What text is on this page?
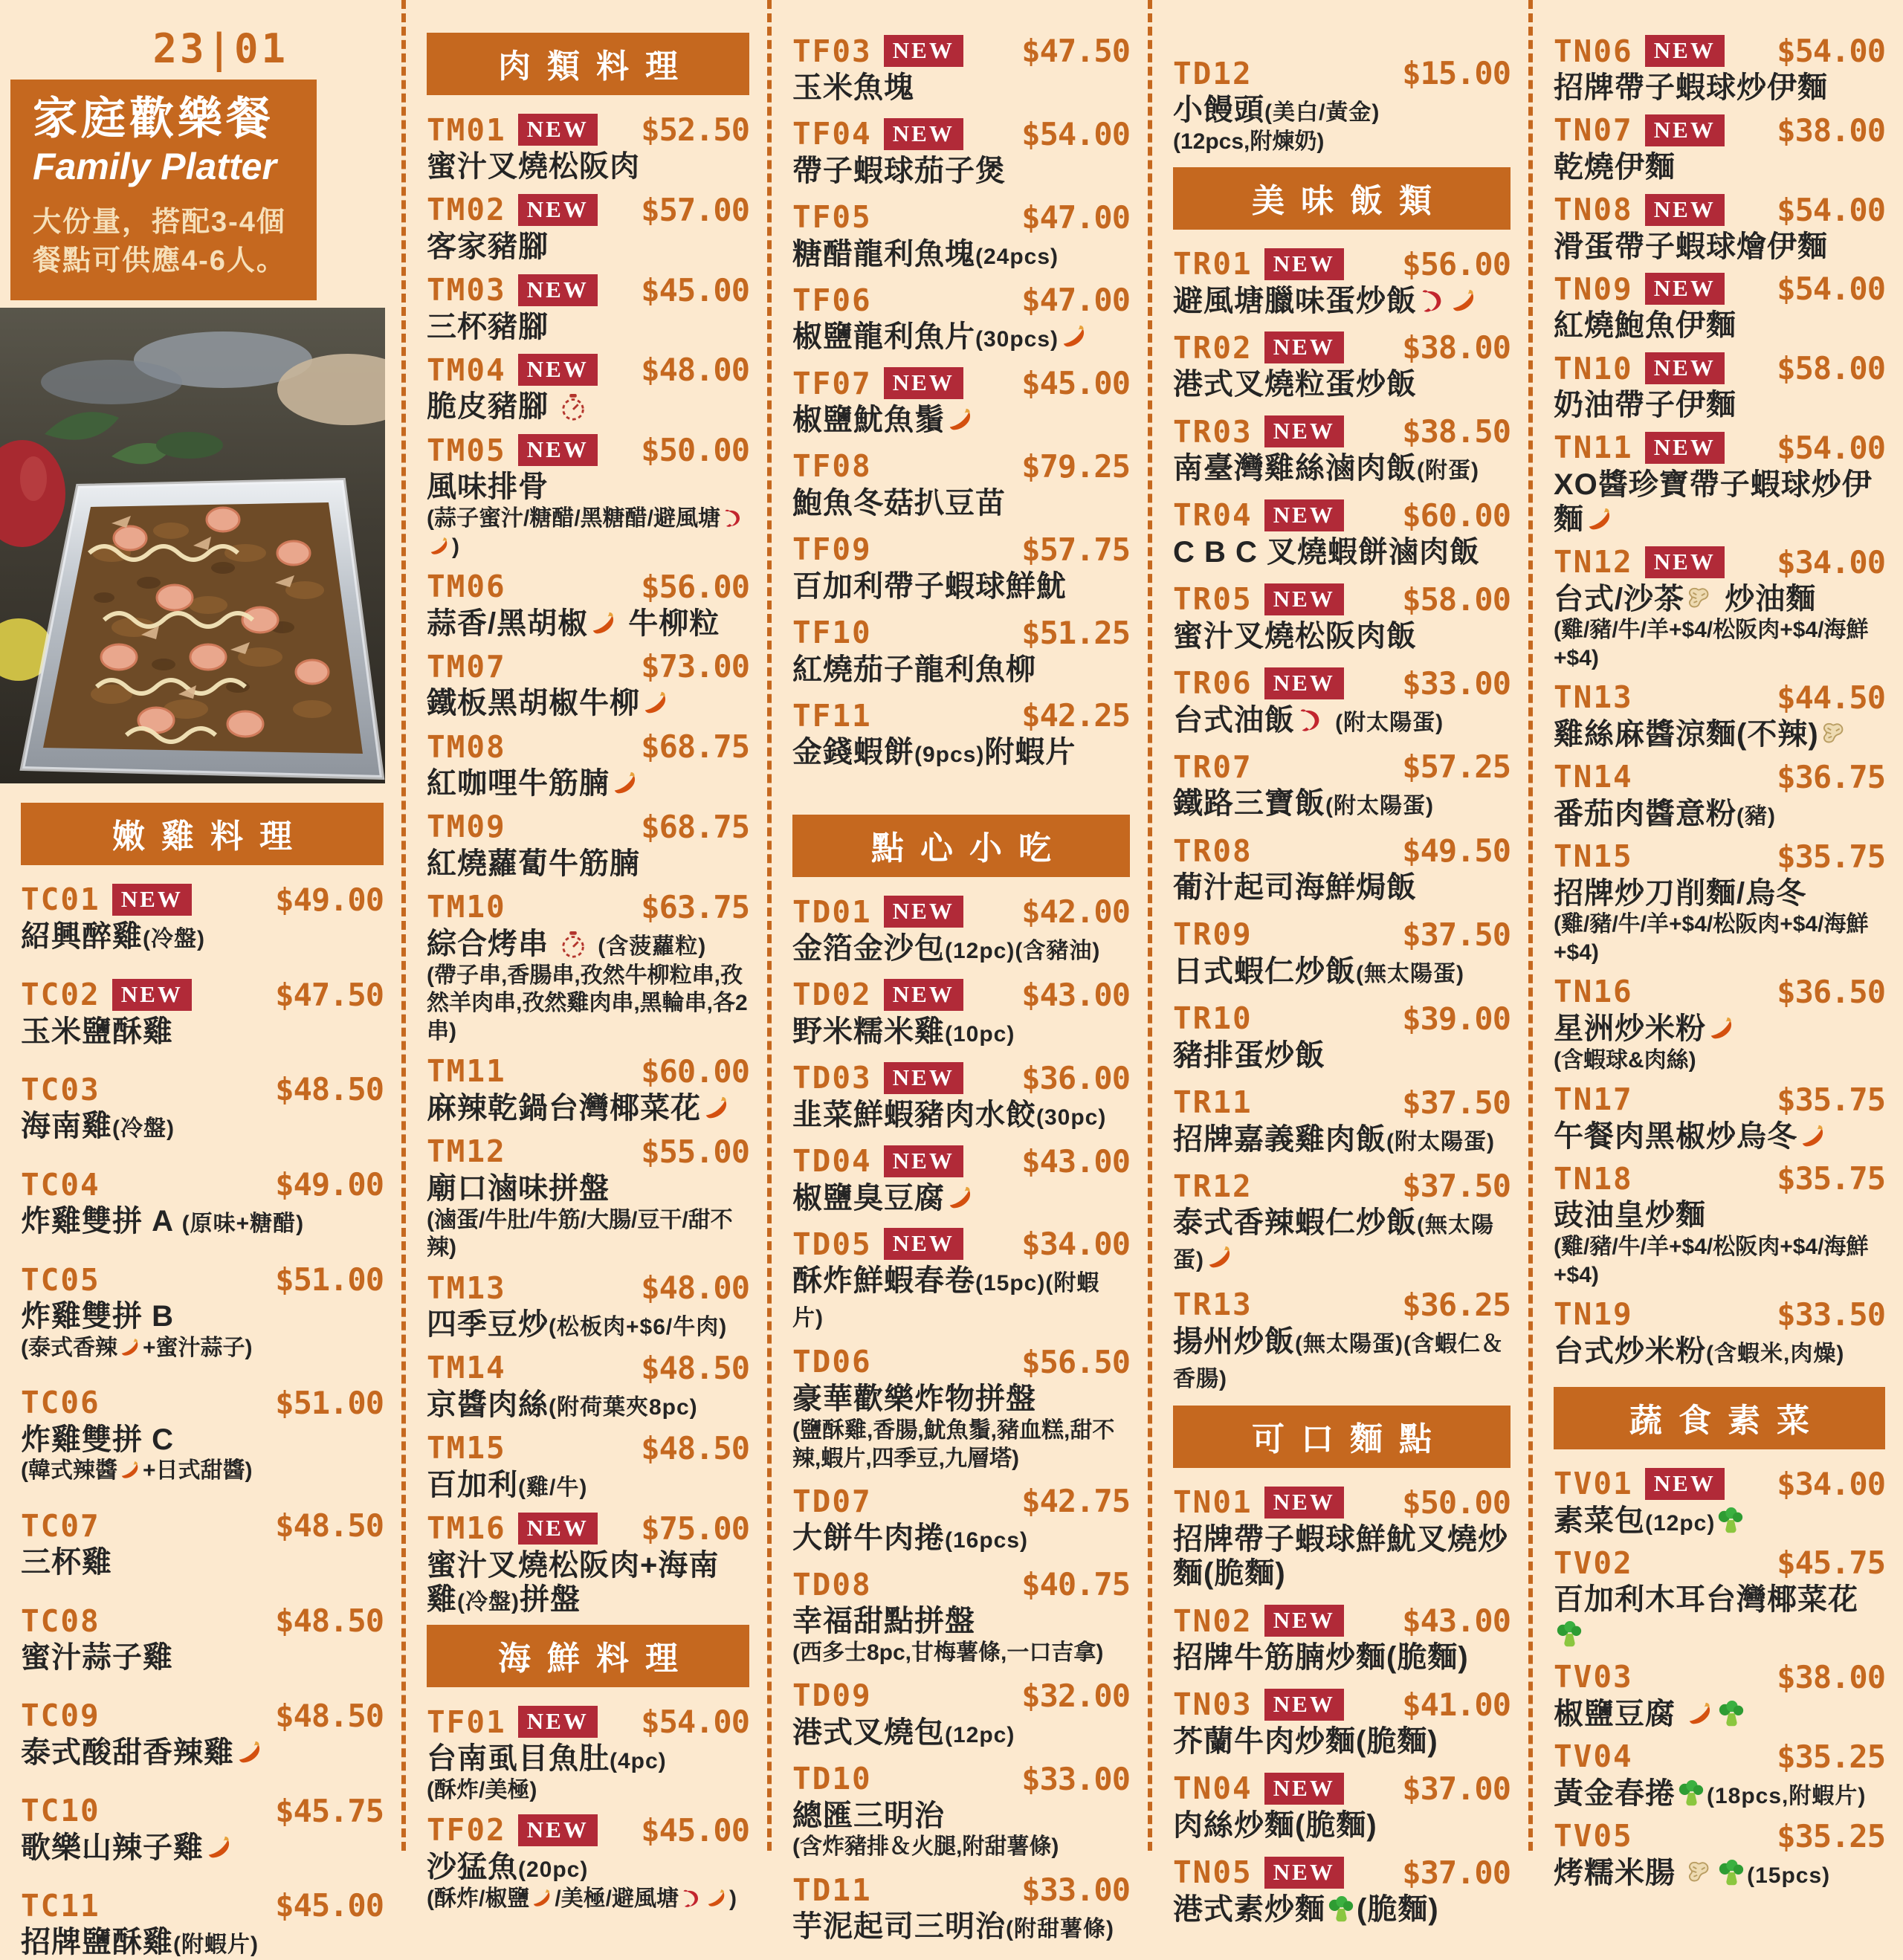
23|01
家庭歡樂餐
Family Platter
大份量，搭配3-4個
餐點可供應4-6人。
嫩雞料理
TC01 NEW	$49.00
紹興醉雞(冷盤)
TC02 NEW	$47.50
玉米鹽酥雞
TC03	$48.50
海南雞(冷盤)
TC04	$49.00
炸雞雙拼 A (原味+糖醋)
TC05	$51.00
炸雞雙拼 B
(泰式香辣 +蜜汁蒜子)
TC06	$51.00
炸雞雙拼 C
(韓式辣醬 +日式甜醬)
TC07	$48.50
三杯雞
TC08	$48.50
蜜汁蒜子雞
TC09	$48.50
泰式酸甜香辣雞
TC10	$45.75
歌樂山辣子雞
TC11	$45.00
招牌鹽酥雞(附蝦片)
肉類料理
TM01 NEW $52.50
蜜汁叉燒松阪肉
TM02 NEW $57.00
客家豬腳
TM03 NEW $45.00
三杯豬腳
TM04 NEW $48.00
脆皮豬腳
TM05 NEW $50.00
風味排骨
(蒜子蜜汁/糖醋/黑糖醋/避風塘
)
TM06	$56.00
蒜香/黑胡椒
牛柳粒
TM07	$73.00
鐵板黑胡椒牛柳
TM08	$68.75
紅咖哩牛筋腩
TM09	$68.75
紅燒蘿蔔牛筋腩
TM10	$63.75
綜合烤串
(含菠蘿粒)
(帶子串,香腸串,孜然牛柳粒串,孜然羊肉串,孜然雞肉串,黑輪串,各2串)
TM11	$60.00
麻辣乾鍋台灣椰菜花
TM12	$55.00
廟口滷味拼盤
(滷蛋/牛肚/牛筋/大腸/豆干/甜不辣)
TM13	$48.00
四季豆炒(松板肉+$6/牛肉)
TM14	$48.50
京醬肉絲(附荷葉夾8pc)
TM15	$48.50
百加利(雞/牛)
TM16 NEW $75.00
蜜汁叉燒松阪肉+海南雞(冷盤)拼盤
海鮮料理
TF01 NEW $54.00
台南虱目魚肚(4pc)
(酥炸/美極)
TF02 NEW $45.00
沙猛魚(20pc)
(酥炸/椒鹽 /美極/避風塘 )
TF03 NEW $47.50
玉米魚塊
TF04 NEW $54.00
帶子蝦球茄子煲
TF05	$47.00
糖醋龍利魚塊(24pcs)
TF06	$47.00
椒鹽龍利魚片(30pcs)
TF07 NEW $45.00
椒鹽魷魚鬚
TF08	$79.25
鮑魚冬菇扒豆苗
TF09	$57.75
百加利帶子蝦球鮮魷
TF10	$51.25
紅燒茄子龍利魚柳
TF11	$42.25
金錢蝦餅(9pcs)附蝦片
點心小吃
TD01 NEW $42.00
金箔金沙包(12pc)(含豬油)
TD02 NEW $43.00
野米糯米雞(10pc)
TD03 NEW $36.00
韭菜鮮蝦豬肉水餃(30pc)
TD04 NEW $43.00
椒鹽臭豆腐
TD05 NEW $34.00
酥炸鮮蝦春卷(15pc)(附蝦片)
TD06	$56.50
豪華歡樂炸物拼盤
(鹽酥雞,香腸,魷魚鬚,豬血糕,甜不辣,蝦片,四季豆,九層塔)
TD07	$42.75
大餅牛肉捲(16pcs)
TD08	$40.75
幸福甜點拼盤
(西多士8pc,甘梅薯條,一口吉拿)
TD09	$32.00
港式叉燒包(12pc)
TD10	$33.00
總匯三明治
(含炸豬排＆火腿,附甜薯條)
TD11	$33.00
芋泥起司三明治(附甜薯條)
TD12	$15.00
小饅頭(美白/黃金)
(12pcs,附煉奶)
美味飯類
TR01 NEW $56.00
避風塘臘味蛋炒飯
TR02 NEW $38.00
港式叉燒粒蛋炒飯
TR03 NEW $38.50
南臺灣雞絲滷肉飯(附蛋)
TR04 NEW $60.00
C B C 叉燒蝦餅滷肉飯
TR05 NEW $58.00
蜜汁叉燒松阪肉飯
TR06 NEW $33.00
台式油飯 (附太陽蛋)
TR07	$57.25
鐵路三寶飯(附太陽蛋)
TR08	$49.50
葡汁起司海鮮焗飯
TR09	$37.50
日式蝦仁炒飯(無太陽蛋)
TR10	$39.00
豬排蛋炒飯
TR11	$37.50
招牌嘉義雞肉飯(附太陽蛋)
TR12	$37.50
泰式香辣蝦仁炒飯(無太陽蛋)
TR13	$36.25
揚州炒飯(無太陽蛋)(含蝦仁＆香腸)
可口麵點
TN01 NEW $50.00
招牌帶子蝦球鮮魷叉燒炒麵(脆麵)
TN02 NEW $43.00
招牌牛筋腩炒麵(脆麵)
TN03 NEW $41.00
芥蘭牛肉炒麵(脆麵)
TN04 NEW $37.00
肉絲炒麵(脆麵)
TN05 NEW $37.00
港式素炒麵 (脆麵)
TN06 NEW $54.00
招牌帶子蝦球炒伊麵
TN07 NEW $38.00
乾燒伊麵
TN08 NEW $54.00
滑蛋帶子蝦球燴伊麵
TN09 NEW $54.00
紅燒鮑魚伊麵
TN10 NEW $58.00
奶油帶子伊麵
TN11 NEW $54.00
XO醬珍寶帶子蝦球炒伊麵
TN12 NEW $34.00
台式/沙茶
炒油麵
(雞/豬/牛/羊+$4/松阪肉+$4/海鮮+$4)
TN13	$44.50
雞絲麻醬涼麵(不辣)
TN14	$36.75
番茄肉醬意粉(豬)
TN15	$35.75
招牌炒刀削麵/烏冬
(雞/豬/牛/羊+$4/松阪肉+$4/海鮮+$4)
TN16	$36.50
星洲炒米粉
(含蝦球&肉絲)
TN17	$35.75
午餐肉黑椒炒烏冬
TN18	$35.75
豉油皇炒麵
(雞/豬/牛/羊+$4/松阪肉+$4/海鮮+$4)
TN19	$33.50
台式炒米粉(含蝦米,肉燥)
蔬食素菜
TV01 NEW $34.00
素菜包(12pc)
TV02	$45.75
百加利木耳台灣椰菜花
TV03	$38.00
椒鹽豆腐
TV04	$35.25
黃金春捲 (18pcs,附蝦片)
TV05	$35.25
烤糯米腸	(15pcs)
